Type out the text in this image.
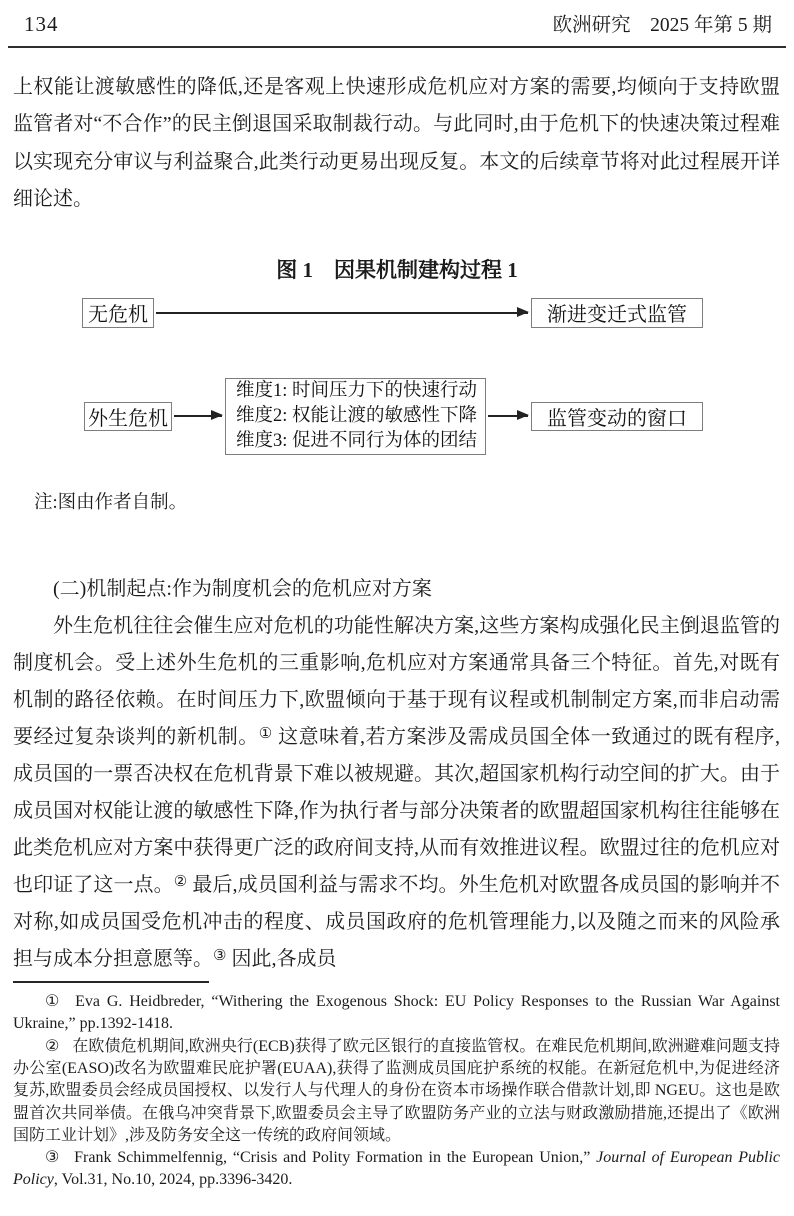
134	欧洲研究　2025 年第 5 期

上权能让渡敏感性的降低,还是客观上快速形成危机应对方案的需要,均倾向于支持欧盟监管者对“不合作”的民主倒退国采取制裁行动。与此同时,由于危机下的快速决策过程难以实现充分审议与利益聚合,此类行动更易出现反复。本文的后续章节将对此过程展开详细论述。

图 1　因果机制建构过程 1
无危机	渐进变迁式监管
外生危机
维度1: 时间压力下的快速行动
维度2: 权能让渡的敏感性下降
维度3: 促进不同行为体的团结
监管变动的窗口
注:图由作者自制。

(二)机制起点:作为制度机会的危机应对方案

外生危机往往会催生应对危机的功能性解决方案,这些方案构成强化民主倒退监管的制度机会。受上述外生危机的三重影响,危机应对方案通常具备三个特征。首先,对既有机制的路径依赖。在时间压力下,欧盟倾向于基于现有议程或机制制定方案,而非启动需要经过复杂谈判的新机制。① 这意味着,若方案涉及需成员国全体一致通过的既有程序,成员国的一票否决权在危机背景下难以被规避。其次,超国家机构行动空间的扩大。由于成员国对权能让渡的敏感性下降,作为执行者与部分决策者的欧盟超国家机构往往能够在此类危机应对方案中获得更广泛的政府间支持,从而有效推进议程。欧盟过往的危机应对也印证了这一点。② 最后,成员国利益与需求不均。外生危机对欧盟各成员国的影响并不对称,如成员国受危机冲击的程度、成员国政府的危机管理能力,以及随之而来的风险承担与成本分担意愿等。③ 因此,各成员

① Eva G. Heidbreder, “Withering the Exogenous Shock: EU Policy Responses to the Russian War Against Ukraine,” pp.1392-1418.

② 在欧债危机期间,欧洲央行(ECB)获得了欧元区银行的直接监管权。在难民危机期间,欧洲避难问题支持办公室(EASO)改名为欧盟难民庇护署(EUAA),获得了监测成员国庇护系统的权能。在新冠危机中,为促进经济复苏,欧盟委员会经成员国授权、以发行人与代理人的身份在资本市场操作联合借款计划,即 NGEU。这也是欧盟首次共同举债。在俄乌冲突背景下,欧盟委员会主导了欧盟防务产业的立法与财政激励措施,还提出了《欧洲国防工业计划》,涉及防务安全这一传统的政府间领域。

③ Frank Schimmelfennig, “Crisis and Polity Formation in the European Union,” Journal of European Public Policy, Vol.31, No.10, 2024, pp.3396-3420.
